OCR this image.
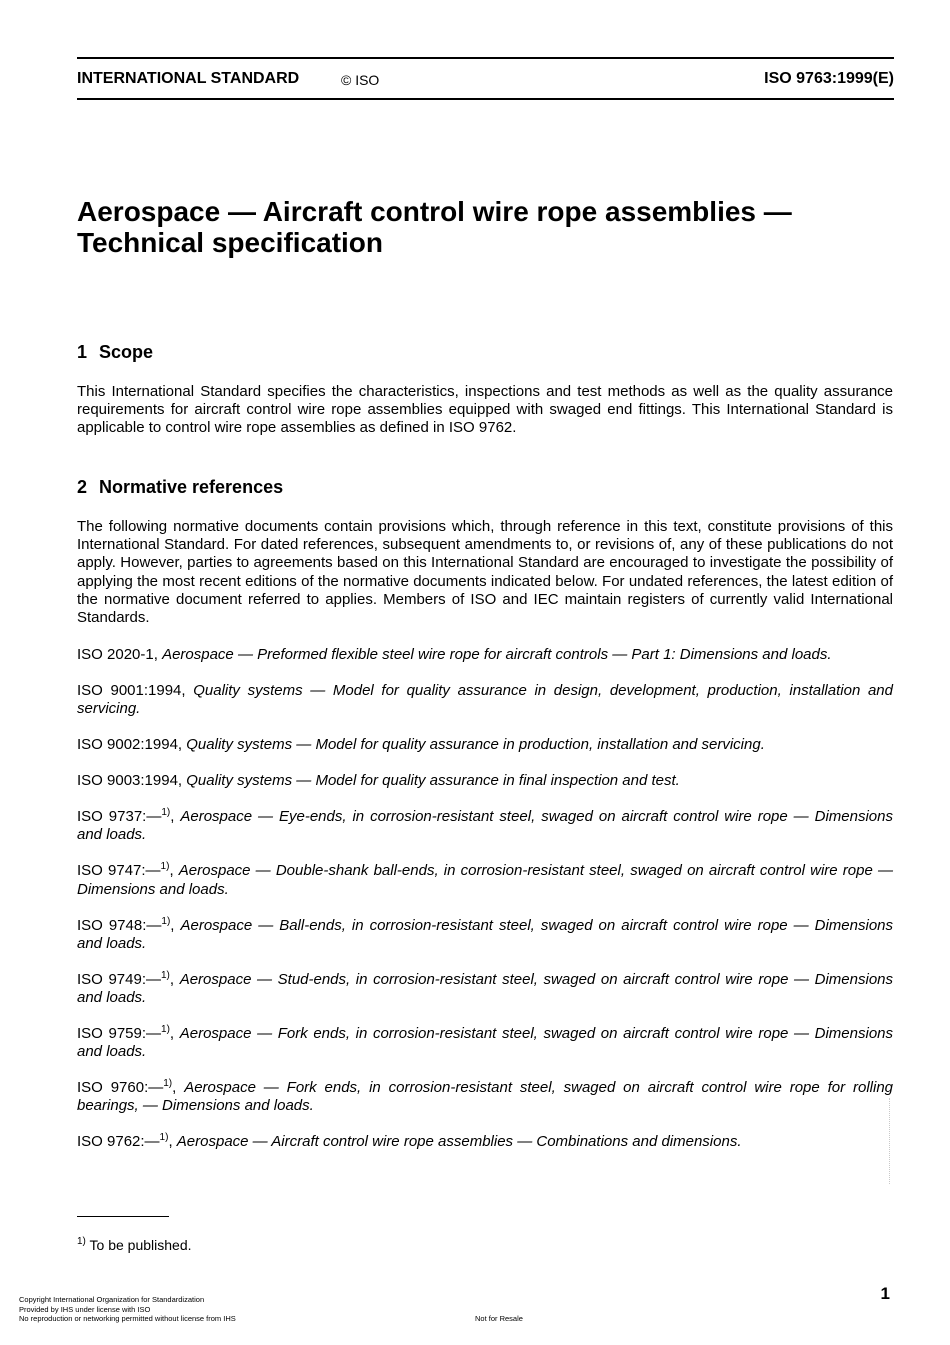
INTERNATIONAL STANDARD	© ISO	ISO 9763:1999(E)
Aerospace — Aircraft control wire rope assemblies —
Technical specification
1 Scope

This International Standard specifies the characteristics, inspections and test methods as well as the quality assurance requirements for aircraft control wire rope assemblies equipped with swaged end fittings. This International Standard is applicable to control wire rope assemblies as defined in ISO 9762.

2 Normative references

The following normative documents contain provisions which, through reference in this text, constitute provisions of this International Standard. For dated references, subsequent amendments to, or revisions of, any of these publications do not apply. However, parties to agreements based on this International Standard are encouraged to investigate the possibility of applying the most recent editions of the normative documents indicated below. For undated references, the latest edition of the normative document referred to applies. Members of ISO and IEC maintain registers of currently valid International Standards.

ISO 2020-1, Aerospace — Preformed flexible steel wire rope for aircraft controls — Part 1: Dimensions and loads.
ISO 9001:1994, Quality systems — Model for quality assurance in design, development, production, installation and servicing.
ISO 9002:1994, Quality systems — Model for quality assurance in production, installation and servicing.
ISO 9003:1994, Quality systems — Model for quality assurance in final inspection and test.
ISO 9737:—$^{1)}$, Aerospace — Eye-ends, in corrosion-resistant steel, swaged on aircraft control wire rope — Dimensions and loads.
ISO 9747:—$^{1)}$, Aerospace — Double-shank ball-ends, in corrosion-resistant steel, swaged on aircraft control wire rope — Dimensions and loads.
ISO 9748:—$^{1)}$, Aerospace — Ball-ends, in corrosion-resistant steel, swaged on aircraft control wire rope — Dimensions and loads.
ISO 9749:—$^{1)}$, Aerospace — Stud-ends, in corrosion-resistant steel, swaged on aircraft control wire rope — Dimensions and loads.
ISO 9759:—$^{1)}$, Aerospace — Fork ends, in corrosion-resistant steel, swaged on aircraft control wire rope — Dimensions and loads.
ISO 9760:—$^{1)}$, Aerospace — Fork ends, in corrosion-resistant steel, swaged on aircraft control wire rope for rolling bearings, — Dimensions and loads.
ISO 9762:—$^{1)}$, Aerospace — Aircraft control wire rope assemblies — Combinations and dimensions.
$^{1)}$ To be published.
1
Copyright International Organization for Standardization
Provided by IHS under license with ISO
No reproduction or networking permitted without license from IHS	Not for Resale
